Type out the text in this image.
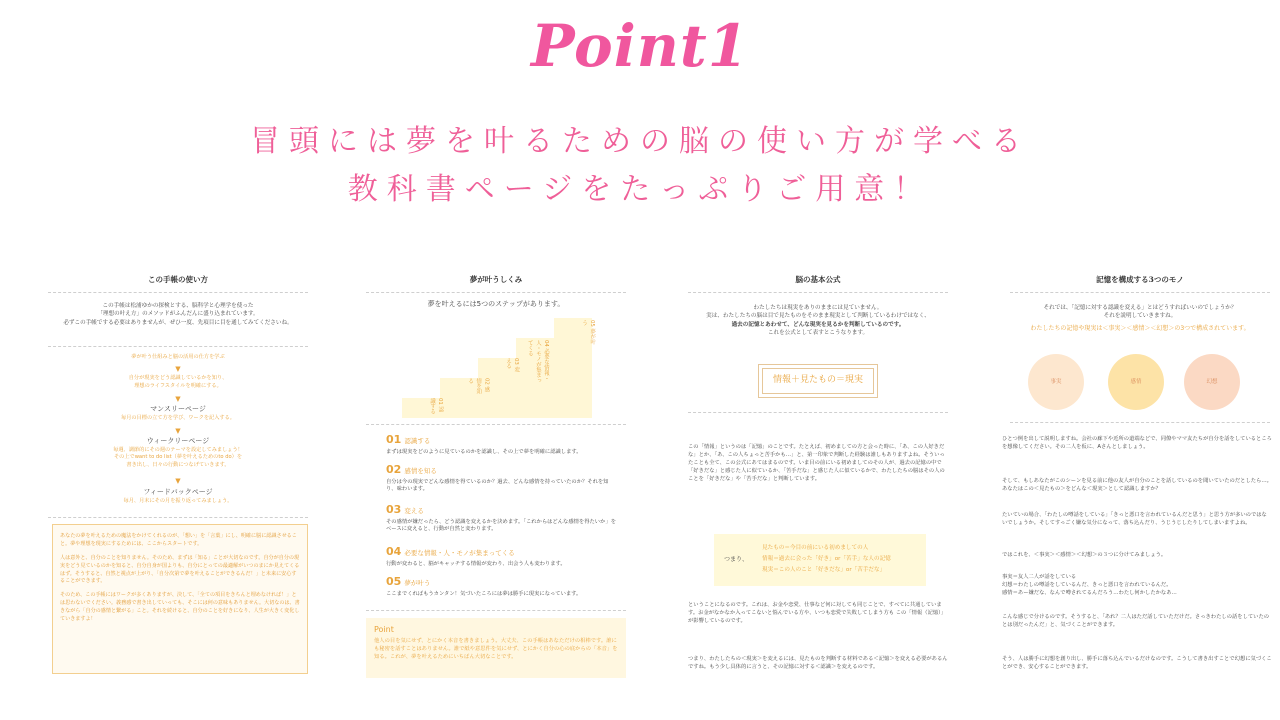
Point1
冒頭には夢を叶るための脳の使い方が学べる
教科書ページをたっぷりご用意！
この手帳の使い方
この手帳は松浦ゆかの探検とする、脳科学と心理学を使った
「理想の叶え方」のメソッドがふんだんに盛り込まれています。
必ずこの手帳でする必要はありませんが、ぜひ一度、先項目に目を通してみてくださいね。
夢が叶う仕組みと脳の活用の仕方を学ぶ
▼
自分が現実をどう認識しているかを知り、
理想のライフスタイルを明確にする。
▼
マンスリーページ
毎月の目標の立て方を学び、ワークを記入する。
▼
ウィークリーページ
毎週、調節的にその週のテーマを設定してみましょう！
その上でwant to do list（夢を叶えるためのto do）を
書き出し、日々の行動につなげていきます。
▼
フィードバックページ
毎月、月末にその月を振り返ってみましょう。

あなたの夢を叶えるための魔法をかけてくれるのが、「想い」を「言葉」にし、明確に脳に認識させること。夢や理想を現実にするためには、ここからスタートです。

人は意外と、自分のことを知りません。そのため、まずは「知る」ことが大切なのです。自分が自分の現実をどう見ているのかを知ると、自分自身が国よりも、自分にとっての最適解がいつのまにか見えてくるはず。そうすると、自然と視点が上がり、「自分次第で夢を叶えることができるんだ！」と未来に安心することができます。

そのため、この手帳にはワークが多くありますが、決して、「全ての項目をきちんと埋めなければ！」とは思わないでください。義務感で書き出していっても、そこには何の意味もありません。大切なのは、書きながら「自分の感情と繋がる」こと。それを続けると、自分のことを好きになり、人生が大きく変化していきますよ！

夢が叶うしくみ
夢を叶えるには5つのステップがあります。
01 認識する
02 感情を知る
03 変える	04 必要な情報・人・モノが集まってくる
05 夢が叶う
01 認識する
まずは現実をどのように見ているのかを認識し、その上で夢を明確に認識します。
02 感情を知る
自分は今の現実でどんな感情を得ているのか？過去、どんな感情を持っていたのか？それを知り、味わいます。
03 変える
その感情が嫌だったら、どう認識を変えるかを決めます。「これからはどんな感情を得たいか」をベースに変えると、行動が自然と変わります。
04 必要な情報・人・モノが集まってくる
行動が変わると、脳がキャッチする情報が変わり、出会う人も変わります。
05 夢が叶う
ここまでくればもうカンタン！気づいたころには夢は勝手に現実になっています。
Point
他人の目を気にせず、とにかく本音を書きましょう。大丈夫、この手帳はあなただけの相棒です。誰にも秘密を話すことはありません。誰で紙や意思件を気にせず、とにかく自分の心の底からの「本音」を知る。これが、夢を叶えるためにいちばん大切なことです。
脳の基本公式
わたしたちは現実をありのままには見ていません。
実は、わたしたちの脳は目で見たものをそのまま現実として判断しているわけではなく、
過去の記憶とあわせて、どんな現実を見るかを判断しているのです。
これを公式として表すとこうなります。
情報＋見たもの＝現実
この「情報」というのは「記憶」のことです。たとえば、初めましての方と会った時に、「あ、この人好きだな」とか、「あ、この人ちょっと苦手かも…」と、第一印象で判断した経験は誰しもありますよね。そういったことも全て、この公式にあてはまるのです。いま目の前にいる初めましてのその人が、過去の記憶の中で「好きだな」と感じた人に似ているか、「苦手だな」と感じた人に似ているかで、わたしたちの脳はその人のことを「好きだな」や「苦手だな」と判断しています。
つまり、
見たもの＝今目の前にいる初めましての人
情報＝過去に会った「好き」or「苦手」な人の記憶
現実＝この人のこと「好きだな」or「苦手だな」
ということになるのです。これは、お金や恋愛、仕事など何に対しても同じことで、すべてに共通しています。お金がなかなか入ってこないと悩んでいる方や、いつも恋愛で失敗してしまう方も この「情報（記憶）」が影響しているのです。
つまり、わたしたちの＜現実＞を変えるには、見たものを判断する材料である＜記憶＞を変える必要があるんですね。もう少し具体的に言うと、その記憶に対する＜認識＞を変えるのです。
記憶を構成する3つのモノ
それでは、「記憶に対する認識を変える」とはどうすればいいのでしょうか？
それを説明していきますね。
わたしたちの記憶や現実は＜事実＞＜感情＞＜幻想＞の3つで構成されています。
事実	感情	幻想
ひとつ例を出して説明しますね。会社の廊下や近所の道端などで、同僚やママ友たちが自分を話をしているところを想像してください。その二人を仮に、Aさんとしましょう。
そして、もしあなたがこのシーンを見る前に他の友人が自分のことを話しているのを聞いていたのだとしたら…。あなたはこの＜見たもの＞をどんな＜現実＞として認識しますか？
たいていの場合、「わたしの噂話をしている」「きっと悪口を言われているんだと思う」と思う方が多いのではないでしょうか。そしてすっごく嫌な気分になって、落ち込んだり、うじうじしたりしてしまいますよね。
ではこれを、＜事実＞＜感情＞＜幻想＞の３つに分けてみましょう。
事実＝友人二人が話をしている
幻想＝わたしの噂話をしているんだ、きっと悪口を言われているんだ。
感情＝あー嫌だな、なんで噂されてるんだろう…わたし何かしたかなあ…
こんな感じで分けるのです。そうすると、「あれ？二人はただ話していただけだ。さっきわたしの話をしていたのとは別だったんだ」と、気づくことができます。
そう、人は勝手に幻想を創り出し、勝手に落ち込んでいるだけなのです。こうして書き出すことで幻想に気づくことができ、安心することができます。
